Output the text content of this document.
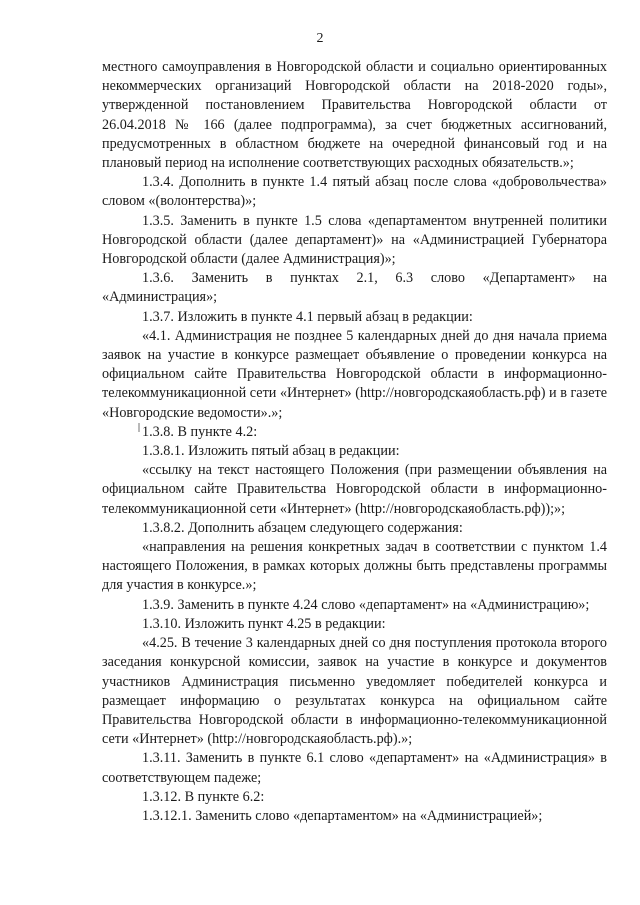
2

местного самоуправления в Новгородской области и социально ориентированных некоммерческих организаций Новгородской области на 2018-2020 годы», утвержденной постановлением Правительства Новгородской области от 26.04.2018 № 166 (далее подпрограмма), за счет бюджетных ассигнований, предусмотренных в областном бюджете на очередной финансовый год и на плановый период на исполнение соответствующих расходных обязательств.»;

1.3.4. Дополнить в пункте 1.4 пятый абзац после слова «добровольчества» словом «(волонтерства)»;

1.3.5. Заменить в пункте 1.5 слова «департаментом внутренней политики Новгородской области (далее департамент)» на «Администрацией Губернатора Новгородской области (далее Администрация)»;

1.3.6. Заменить в пунктах 2.1, 6.3 слово «Департамент» на «Администрация»;

1.3.7. Изложить в пункте 4.1 первый абзац в редакции:

«4.1. Администрация не позднее 5 календарных дней до дня начала приема заявок на участие в конкурсе размещает объявление о проведении конкурса на официальном сайте Правительства Новгородской области в информационно-телекоммуникационной сети «Интернет» (http://новгородскаяобласть.рф) и в газете «Новгородские ведомости».»;

1.3.8. В пункте 4.2:

1.3.8.1. Изложить пятый абзац в редакции:

«ссылку на текст настоящего Положения (при размещении объявления на официальном сайте Правительства Новгородской области в информационно-телекоммуникационной сети «Интернет» (http://новгородскаяобласть.рф));»;

1.3.8.2. Дополнить абзацем следующего содержания:

«направления на решения конкретных задач в соответствии с пунктом 1.4 настоящего Положения, в рамках которых должны быть представлены программы для участия в конкурсе.»;

1.3.9. Заменить в пункте 4.24 слово «департамент» на «Администрацию»;

1.3.10. Изложить пункт 4.25 в редакции:

«4.25. В течение 3 календарных дней со дня поступления протокола второго заседания конкурсной комиссии, заявок на участие в конкурсе и документов участников Администрация письменно уведомляет победителей конкурса и размещает информацию о результатах конкурса на официальном сайте Правительства Новгородской области в информационно-телекоммуникационной сети «Интернет» (http://новгородскаяобласть.рф).»;

1.3.11. Заменить в пункте 6.1 слово «департамент» на «Администрация» в соответствующем падеже;

1.3.12. В пункте 6.2:

1.3.12.1. Заменить слово «департаментом» на «Администрацией»;
